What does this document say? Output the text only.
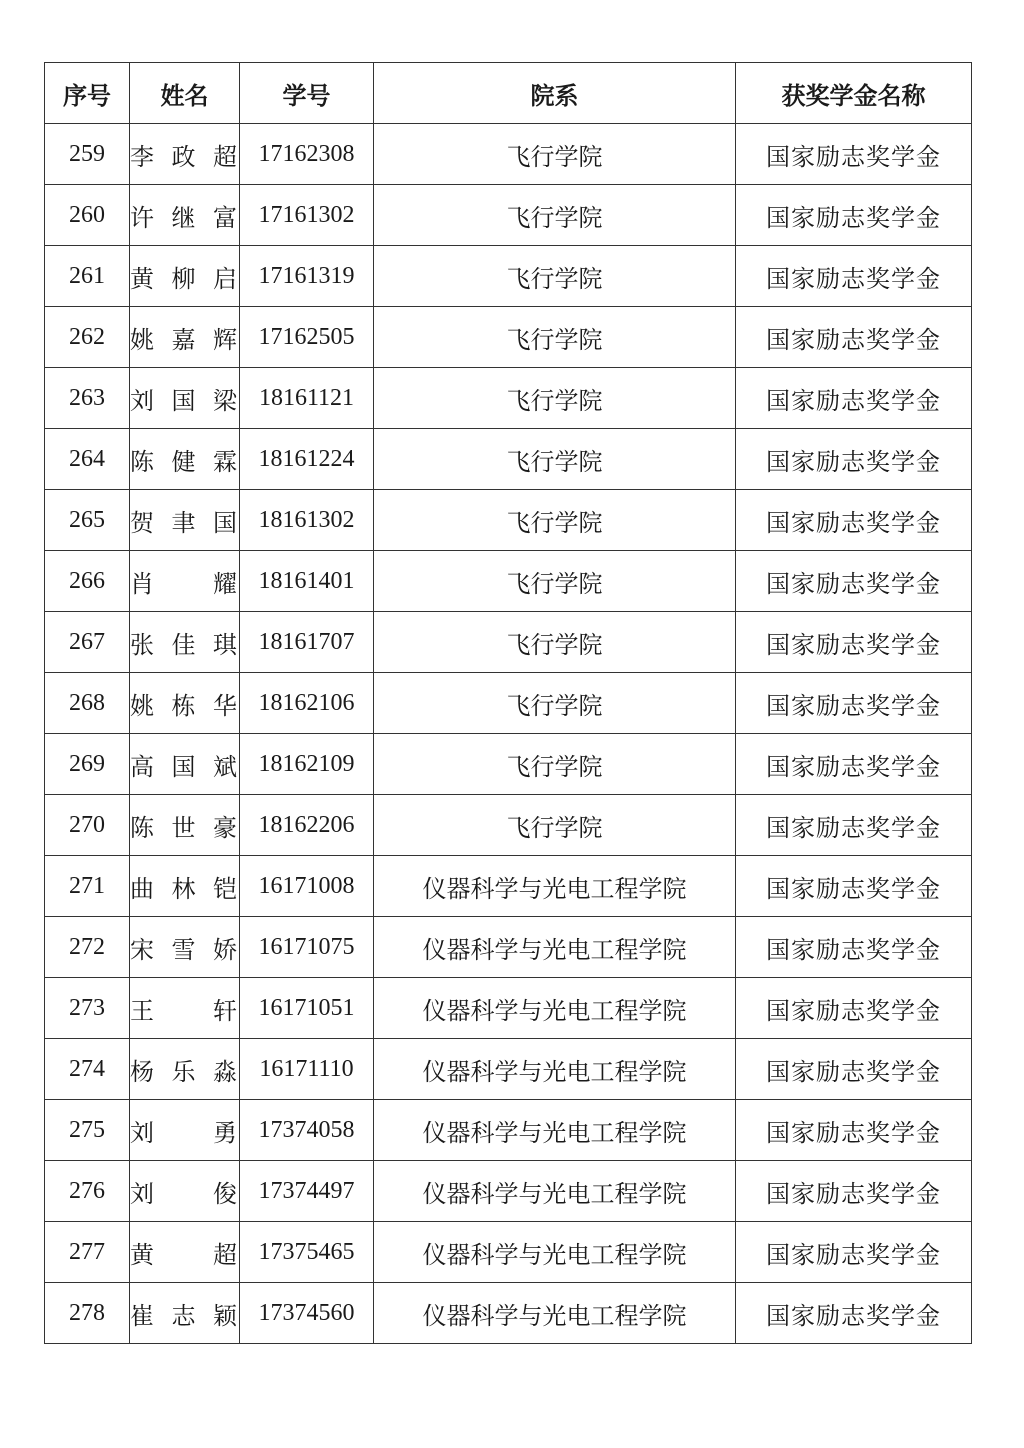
序号	姓名	学号	院系	获奖学金名称
259	李政超	17162308	飞行学院	国家励志奖学金
260	许继富	17161302	飞行学院	国家励志奖学金
261	黄柳启	17161319	飞行学院	国家励志奖学金
262	姚嘉辉	17162505	飞行学院	国家励志奖学金
263	刘国梁	18161121	飞行学院	国家励志奖学金
264	陈健霖	18161224	飞行学院	国家励志奖学金
265	贺聿国	18161302	飞行学院	国家励志奖学金
266	肖 耀	18161401	飞行学院	国家励志奖学金
267	张佳琪	18161707	飞行学院	国家励志奖学金
268	姚栋华	18162106	飞行学院	国家励志奖学金
269	高国斌	18162109	飞行学院	国家励志奖学金
270	陈世豪	18162206	飞行学院	国家励志奖学金
271	曲林铠	16171008	仪器科学与光电工程学院	国家励志奖学金
272	宋雪娇	16171075	仪器科学与光电工程学院	国家励志奖学金
273	王 轩	16171051	仪器科学与光电工程学院	国家励志奖学金
274	杨乐淼	16171110	仪器科学与光电工程学院	国家励志奖学金
275	刘 勇	17374058	仪器科学与光电工程学院	国家励志奖学金
276	刘 俊	17374497	仪器科学与光电工程学院	国家励志奖学金
277	黄 超	17375465	仪器科学与光电工程学院	国家励志奖学金
278	崔志颖	17374560	仪器科学与光电工程学院	国家励志奖学金
